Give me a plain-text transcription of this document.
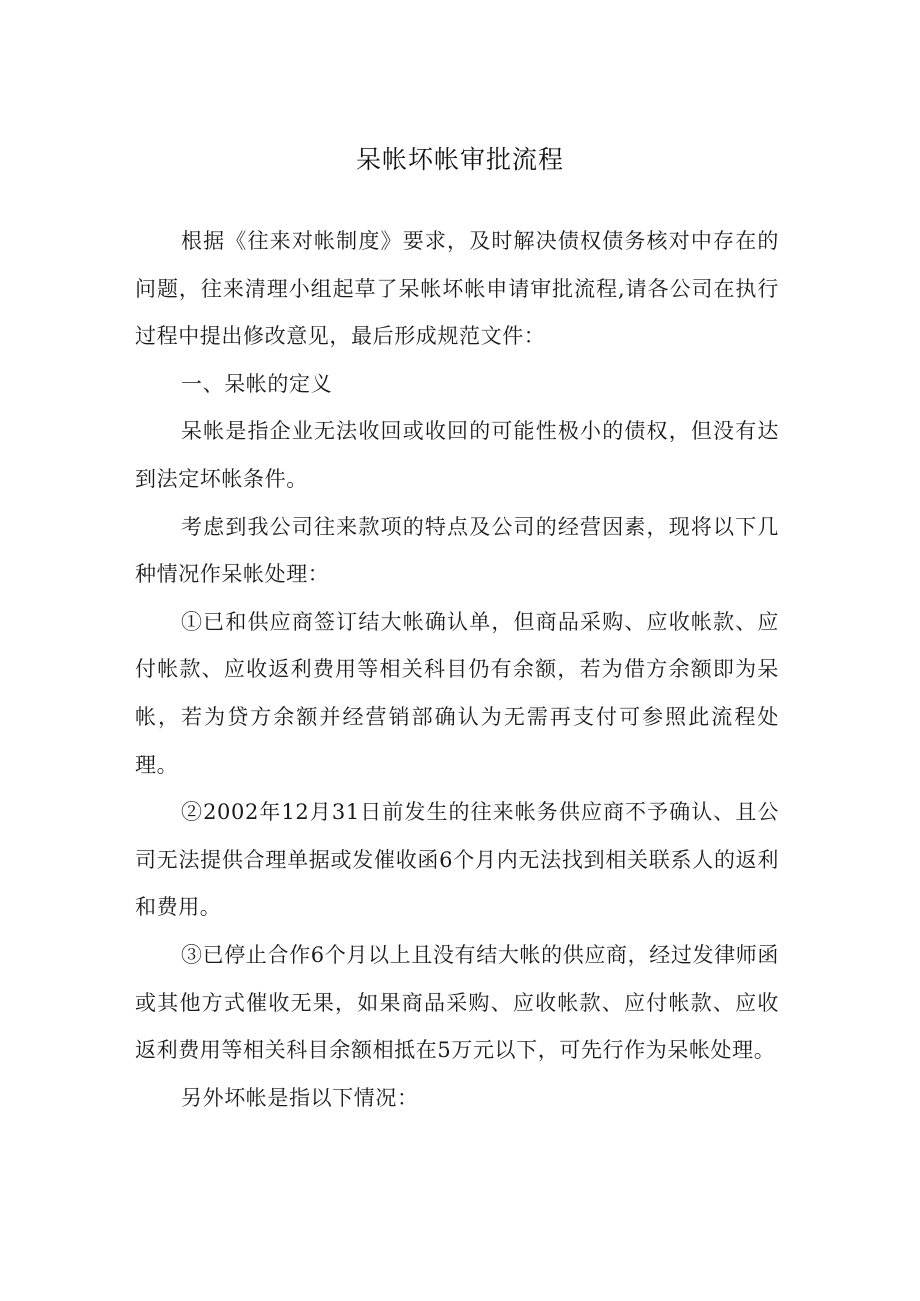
呆帐坏帐审批流程

根据《往来对帐制度》要求，及时解决债权债务核对中存在的问题，往来清理小组起草了呆帐坏帐申请审批流程,请各公司在执行过程中提出修改意见，最后形成规范文件：

一、呆帐的定义

呆帐是指企业无法收回或收回的可能性极小的债权，但没有达到法定坏帐条件。

考虑到我公司往来款项的特点及公司的经营因素，现将以下几种情况作呆帐处理：

①已和供应商签订结大帐确认单，但商品采购、应收帐款、应付帐款、应收返利费用等相关科目仍有余额，若为借方余额即为呆帐，若为贷方余额并经营销部确认为无需再支付可参照此流程处理。

②2002年12月31日前发生的往来帐务供应商不予确认、且公司无法提供合理单据或发催收函6个月内无法找到相关联系人的返利和费用。

③已停止合作6个月以上且没有结大帐的供应商，经过发律师函或其他方式催收无果，如果商品采购、应收帐款、应付帐款、应收返利费用等相关科目余额相抵在5万元以下，可先行作为呆帐处理。

另外坏帐是指以下情况：
